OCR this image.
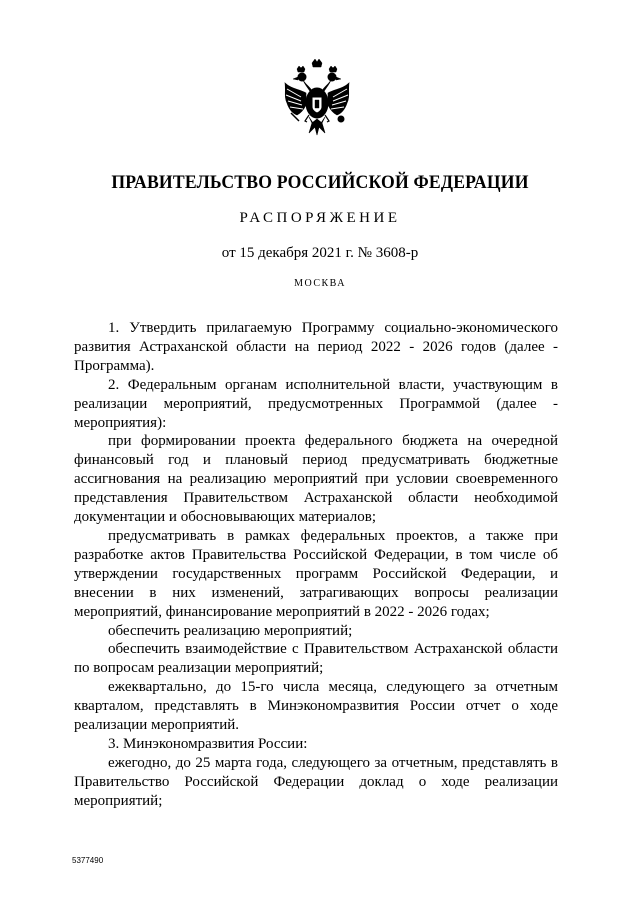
ПРАВИТЕЛЬСТВО РОССИЙСКОЙ ФЕДЕРАЦИИ
РАСПОРЯЖЕНИЕ
от 15 декабря 2021 г. № 3608-р
МОСКВА

1. Утвердить прилагаемую Программу социально-экономического развития Астраханской области на период 2022 - 2026 годов (далее - Программа).

2. Федеральным органам исполнительной власти, участвующим в реализации мероприятий, предусмотренных Программой (далее - мероприятия):

при формировании проекта федерального бюджета на очередной финансовый год и плановый период предусматривать бюджетные ассигнования на реализацию мероприятий при условии своевременного представления Правительством Астраханской области необходимой документации и обосновывающих материалов;

предусматривать в рамках федеральных проектов, а также при разработке актов Правительства Российской Федерации, в том числе об утверждении государственных программ Российской Федерации, и внесении в них изменений, затрагивающих вопросы реализации мероприятий, финансирование мероприятий в 2022 - 2026 годах;

обеспечить реализацию мероприятий;

обеспечить взаимодействие с Правительством Астраханской области по вопросам реализации мероприятий;

ежеквартально, до 15-го числа месяца, следующего за отчетным кварталом, представлять в Минэкономразвития России отчет о ходе реализации мероприятий.

3. Минэкономразвития России:

ежегодно, до 25 марта года, следующего за отчетным, представлять в Правительство Российской Федерации доклад о ходе реализации мероприятий;

5377490
